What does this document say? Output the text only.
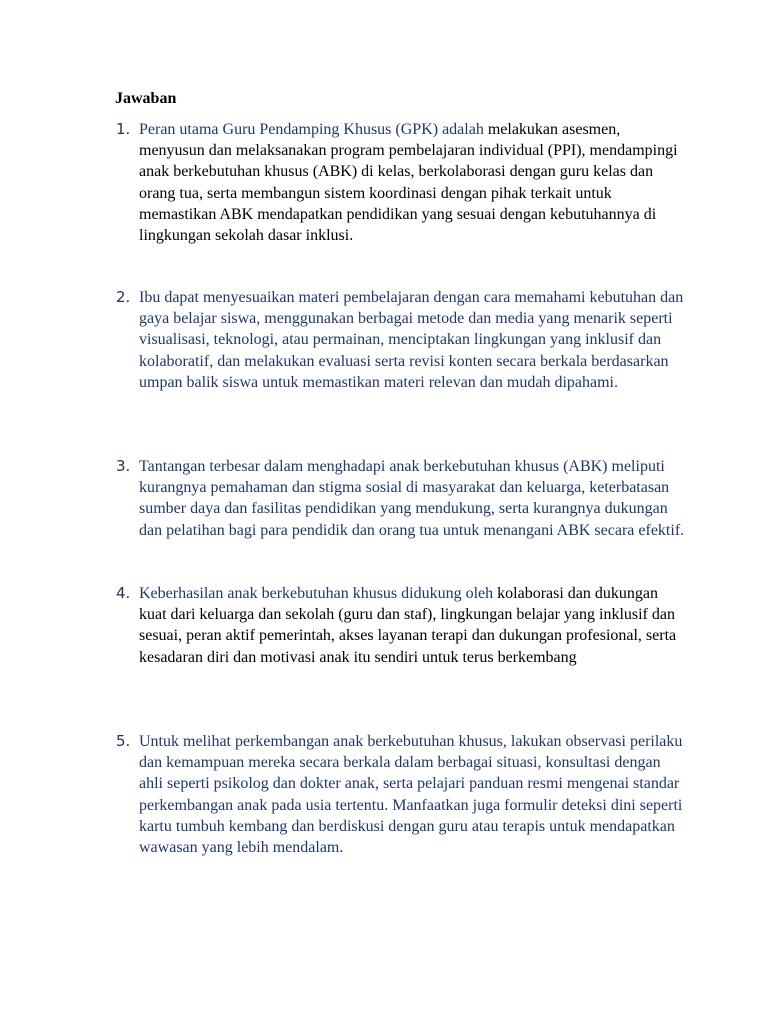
Jawaban
1. Peran utama Guru Pendamping Khusus (GPK) adalah melakukan asesmen, menyusun dan melaksanakan program pembelajaran individual (PPI), mendampingi anak berkebutuhan khusus (ABK) di kelas, berkolaborasi dengan guru kelas dan orang tua, serta membangun sistem koordinasi dengan pihak terkait untuk memastikan ABK mendapatkan pendidikan yang sesuai dengan kebutuhannya di lingkungan sekolah dasar inklusi.
2. Ibu dapat menyesuaikan materi pembelajaran dengan cara memahami kebutuhan dan gaya belajar siswa, menggunakan berbagai metode dan media yang menarik seperti visualisasi, teknologi, atau permainan, menciptakan lingkungan yang inklusif dan kolaboratif, dan melakukan evaluasi serta revisi konten secara berkala berdasarkan umpan balik siswa untuk memastikan materi relevan dan mudah dipahami.
3. Tantangan terbesar dalam menghadapi anak berkebutuhan khusus (ABK) meliputi kurangnya pemahaman dan stigma sosial di masyarakat dan keluarga, keterbatasan sumber daya dan fasilitas pendidikan yang mendukung, serta kurangnya dukungan dan pelatihan bagi para pendidik dan orang tua untuk menangani ABK secara efektif.
4. Keberhasilan anak berkebutuhan khusus didukung oleh kolaborasi dan dukungan kuat dari keluarga dan sekolah (guru dan staf), lingkungan belajar yang inklusif dan sesuai, peran aktif pemerintah, akses layanan terapi dan dukungan profesional, serta kesadaran diri dan motivasi anak itu sendiri untuk terus berkembang
5. Untuk melihat perkembangan anak berkebutuhan khusus, lakukan observasi perilaku dan kemampuan mereka secara berkala dalam berbagai situasi, konsultasi dengan ahli seperti psikolog dan dokter anak, serta pelajari panduan resmi mengenai standar perkembangan anak pada usia tertentu. Manfaatkan juga formulir deteksi dini seperti kartu tumbuh kembang dan berdiskusi dengan guru atau terapis untuk mendapatkan wawasan yang lebih mendalam.
